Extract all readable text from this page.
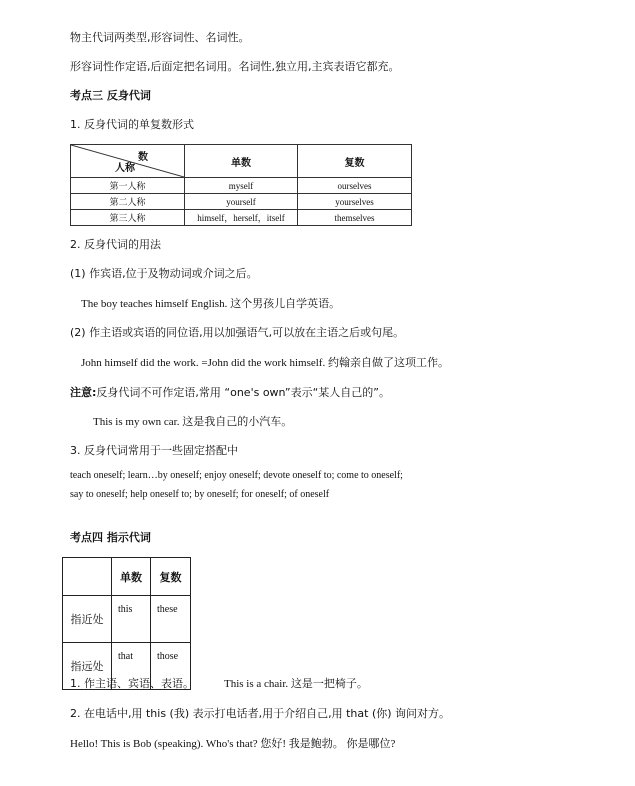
物主代词两类型,形容词性、名词性。
形容词性作定语,后面定把名词用。名词性,独立用,主宾表语它都充。
考点三 反身代词
1. 反身代词的单复数形式
数
人称	单数	复数
第一人称	myself	ourselves
第二人称	yourself	yourselves
第三人称	himself，herself，itself	themselves
2. 反身代词的用法
(1) 作宾语,位于及物动词或介词之后。
The boy teaches himself English. 这个男孩儿自学英语。
(2) 作主语或宾语的同位语,用以加强语气,可以放在主语之后或句尾。
John himself did the work. =John did the work himself. 约翰亲自做了这项工作。
注意:反身代词不可作定语,常用 “one's own”表示“某人自己的”。
This is my own car. 这是我自己的小汽车。
3. 反身代词常用于一些固定搭配中
teach oneself; learn…by oneself; enjoy oneself; devote oneself to; come to oneself;
say to oneself; help oneself to; by oneself; for oneself; of oneself
考点四 指示代词
	单数	复数
指近处	this	these
指远处	that	those
1. 作主语、宾语、表语。	This is a chair. 这是一把椅子。
2. 在电话中,用 this (我) 表示打电话者,用于介绍自己,用 that (你) 询问对方。
Hello! This is Bob (speaking). Who's that? 您好! 我是鲍勃。 你是哪位?
